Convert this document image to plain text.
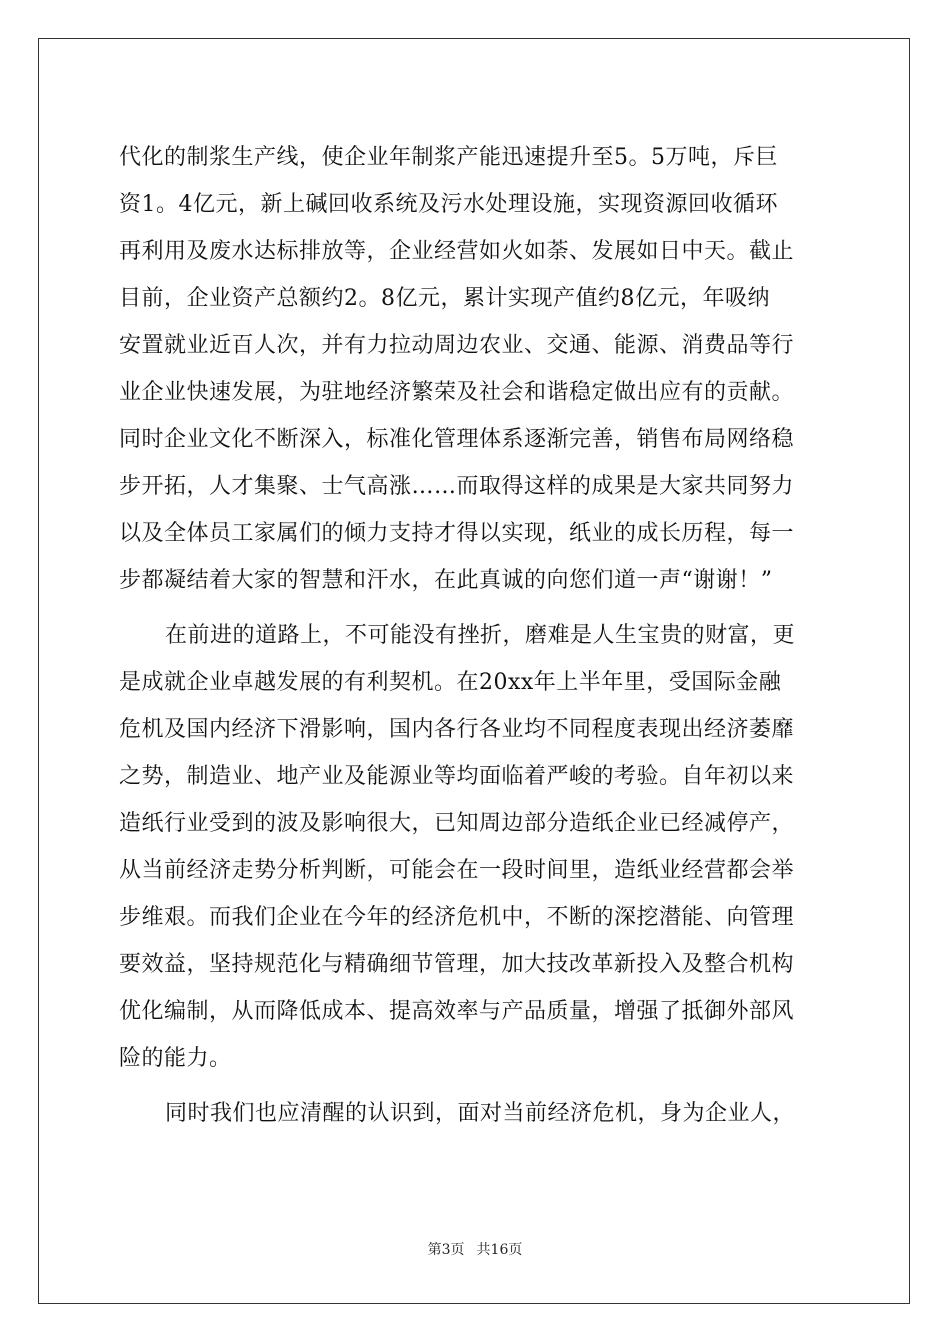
代化的制浆生产线，使企业年制浆产能迅速提升至5。5万吨，斥巨
资1。4亿元，新上碱回收系统及污水处理设施，实现资源回收循环
再利用及废水达标排放等，企业经营如火如荼、发展如日中天。截止
目前，企业资产总额约2。8亿元，累计实现产值约8亿元，年吸纳
安置就业近百人次，并有力拉动周边农业、交通、能源、消费品等行
业企业快速发展，为驻地经济繁荣及社会和谐稳定做出应有的贡献。
同时企业文化不断深入，标准化管理体系逐渐完善，销售布局网络稳
步开拓，人才集聚、士气高涨……而取得这样的成果是大家共同努力
以及全体员工家属们的倾力支持才得以实现，纸业的成长历程，每一
步都凝结着大家的智慧和汗水，在此真诚的向您们道一声“谢谢！”
在前进的道路上，不可能没有挫折，磨难是人生宝贵的财富，更
是成就企业卓越发展的有利契机。在20xx年上半年里，受国际金融
危机及国内经济下滑影响，国内各行各业均不同程度表现出经济萎靡
之势，制造业、地产业及能源业等均面临着严峻的考验。自年初以来
造纸行业受到的波及影响很大，已知周边部分造纸企业已经减停产，
从当前经济走势分析判断，可能会在一段时间里，造纸业经营都会举
步维艰。而我们企业在今年的经济危机中，不断的深挖潜能、向管理
要效益，坚持规范化与精确细节管理，加大技改革新投入及整合机构
优化编制，从而降低成本、提高效率与产品质量，增强了抵御外部风
险的能力。
同时我们也应清醒的认识到，面对当前经济危机，身为企业人，
第3页 共16页
